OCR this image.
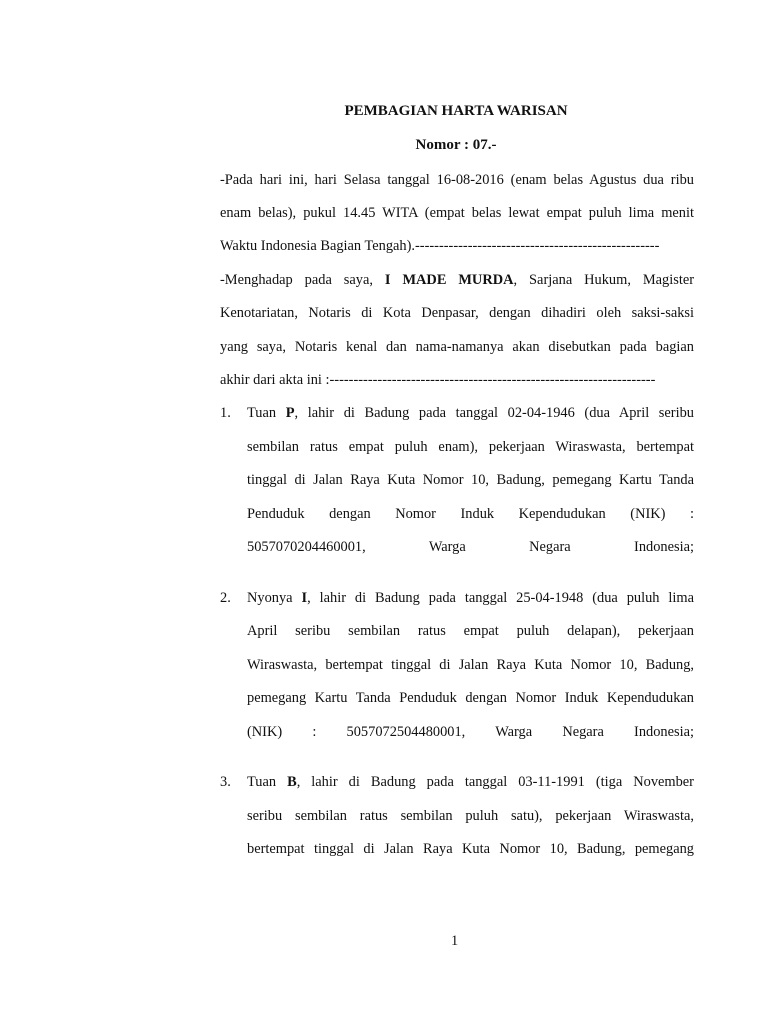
PEMBAGIAN HARTA WARISAN
Nomor : 07.-
-Pada hari ini, hari Selasa tanggal 16-08-2016 (enam belas Agustus dua ribu
enam belas), pukul 14.45 WITA (empat belas lewat empat puluh lima menit
Waktu Indonesia Bagian Tengah).---------------------------------------------------
-Menghadap pada saya, I MADE MURDA, Sarjana Hukum, Magister
Kenotariatan, Notaris di Kota Denpasar, dengan dihadiri oleh saksi-saksi
yang saya, Notaris kenal dan nama-namanya akan disebutkan pada bagian
akhir dari akta ini :--------------------------------------------------------------------
1. Tuan P, lahir di Badung pada tanggal 02-04-1946 (dua April seribu
sembilan ratus empat puluh enam), pekerjaan Wiraswasta, bertempat
tinggal di Jalan Raya Kuta Nomor 10, Badung, pemegang Kartu Tanda
Penduduk dengan Nomor Induk Kependudukan (NIK) :
5057070204460001, Warga Negara Indonesia;
2. Nyonya I, lahir di Badung pada tanggal 25-04-1948 (dua puluh lima
April seribu sembilan ratus empat puluh delapan), pekerjaan
Wiraswasta, bertempat tinggal di Jalan Raya Kuta Nomor 10, Badung,
pemegang Kartu Tanda Penduduk dengan Nomor Induk Kependudukan
(NIK) : 5057072504480001, Warga Negara Indonesia;
3. Tuan B, lahir di Badung pada tanggal 03-11-1991 (tiga November
seribu sembilan ratus sembilan puluh satu), pekerjaan Wiraswasta,
bertempat tinggal di Jalan Raya Kuta Nomor 10, Badung, pemegang
1
